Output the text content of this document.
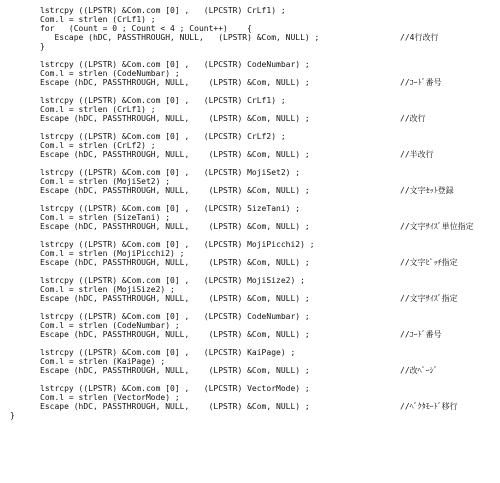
lstrcpy ((LPSTR) &Com.com [0] ,   (LPCSTR) CrLf1) ;
Com.l = strlen (CrLf1) ;
for   (Count = 0 ; Count < 4 ; Count++)    {
Escape (hDC, PASSTHROUGH, NULL,   (LPSTR) &Com, NULL) ;	//4行改行
}
lstrcpy ((LPSTR) &Com.com [0] ,   (LPCSTR) CodeNumbar) ;
Com.l = strlen (CodeNumbar) ;
Escape (hDC, PASSTHROUGH, NULL,    (LPSTR) &Com, NULL) ;	//ｺｰﾄﾞ番号
lstrcpy ((LPSTR) &Com.com [0] ,   (LPCSTR) CrLf1) ;
Com.l = strlen (CrLf1) ;
Escape (hDC, PASSTHROUGH, NULL,    (LPSTR) &Com, NULL) ;	//改行
lstrcpy ((LPSTR) &Com.com [0] ,   (LPCSTR) CrLf2) ;
Com.l = strlen (CrLf2) ;
Escape (hDC, PASSTHROUGH, NULL,    (LPSTR) &Com, NULL) ;	//半改行
lstrcpy ((LPSTR) &Com.com [0] ,   (LPCSTR) MojiSet2) ;
Com.l = strlen (MojiSet2) ;
Escape (hDC, PASSTHROUGH, NULL,    (LPSTR) &Com, NULL) ;	//文字ｾｯﾄ登録
lstrcpy ((LPSTR) &Com.com [0] ,   (LPCSTR) SizeTani) ;
Com.l = strlen (SizeTani) ;
Escape (hDC, PASSTHROUGH, NULL,    (LPSTR) &Com, NULL) ;	//文字ｻｲｽﾞ単位指定
lstrcpy ((LPSTR) &Com.com [0] ,   (LPCSTR) MojiPicchi2) ;
Com.l = strlen (MojiPicchi2) ;
Escape (hDC, PASSTHROUGH, NULL,    (LPSTR) &Com, NULL) ;	//文字ﾋﾟｯﾁ指定
lstrcpy ((LPSTR) &Com.com [0] ,   (LPCSTR) MojiSize2) ;
Com.l = strlen (MojiSize2) ;
Escape (hDC, PASSTHROUGH, NULL,    (LPSTR) &Com, NULL) ;	//文字ｻｲｽﾞ指定
lstrcpy ((LPSTR) &Com.com [0] ,   (LPCSTR) CodeNumbar) ;
Com.l = strlen (CodeNumbar) ;
Escape (hDC, PASSTHROUGH, NULL,    (LPSTR) &Com, NULL) ;	//ｺｰﾄﾞ番号
lstrcpy ((LPSTR) &Com.com [0] ,   (LPCSTR) KaiPage) ;
Com.l = strlen (KaiPage) ;
Escape (hDC, PASSTHROUGH, NULL,    (LPSTR) &Com, NULL) ;	//改ﾍﾟｰｼﾞ
lstrcpy ((LPSTR) &Com.com [0] ,   (LPCSTR) VectorMode) ;
Com.l = strlen (VectorMode) ;
Escape (hDC, PASSTHROUGH, NULL,    (LPSTR) &Com, NULL) ;	//ﾍﾞｸﾀﾓｰﾄﾞ移行
}
